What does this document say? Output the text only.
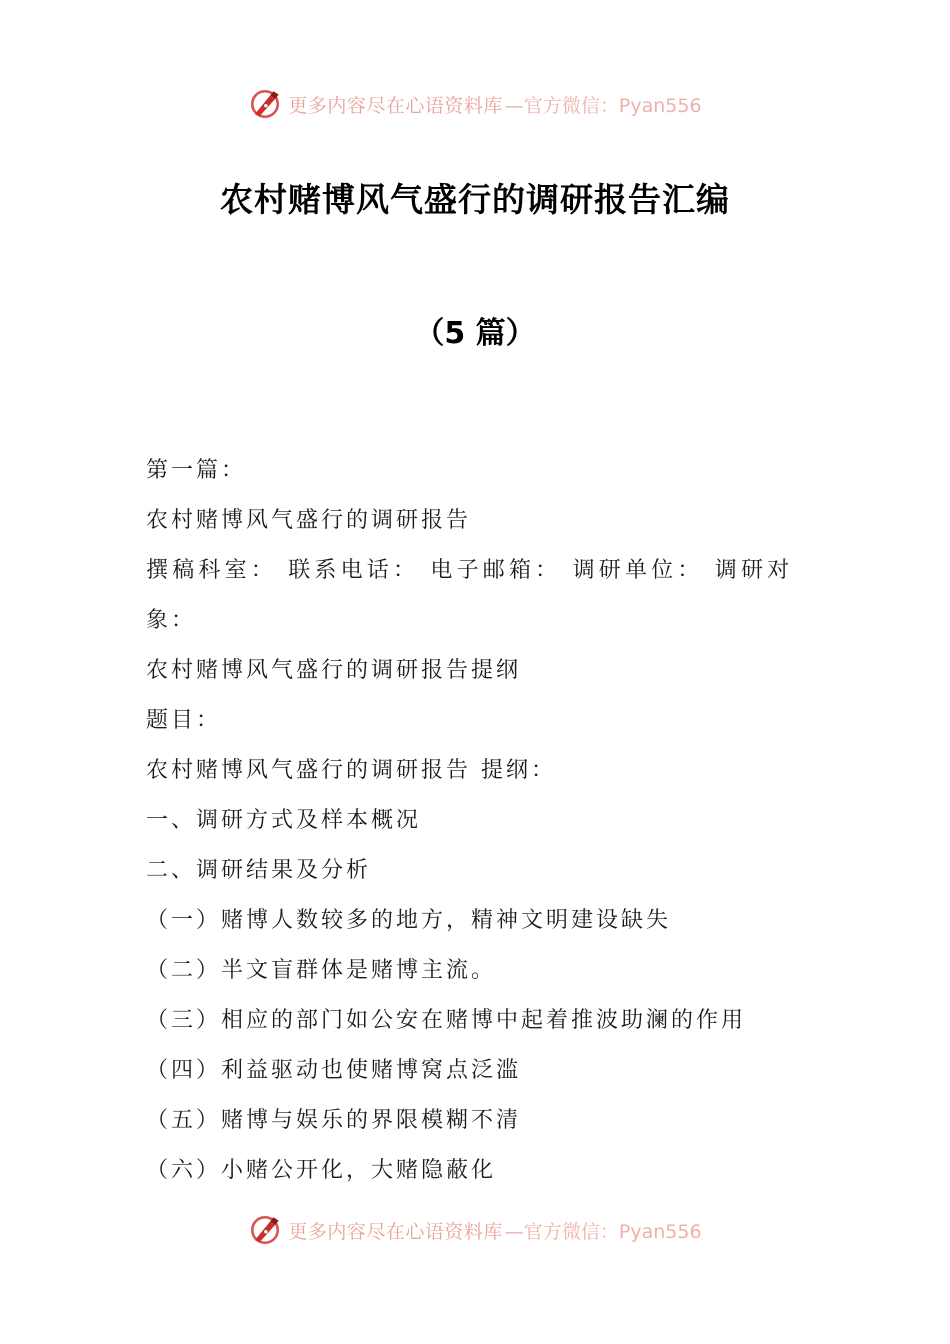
更多内容尽在心语资料库 —官方微信：Pyan556
农村赌博风气盛行的调研报告汇编
（5 篇）
第一篇：
农村赌博风气盛行的调研报告
撰稿科室： 联系电话： 电子邮箱： 调研单位： 调研对
象：
农村赌博风气盛行的调研报告提纲
题目：
农村赌博风气盛行的调研报告 提纲：
一、调研方式及样本概况
二、调研结果及分析
（一）赌博人数较多的地方，精神文明建设缺失
（二）半文盲群体是赌博主流。
（三）相应的部门如公安在赌博中起着推波助澜的作用
（四）利益驱动也使赌博窝点泛滥
（五）赌博与娱乐的界限模糊不清
（六）小赌公开化，大赌隐蔽化
更多内容尽在心语资料库 —官方微信：Pyan556
